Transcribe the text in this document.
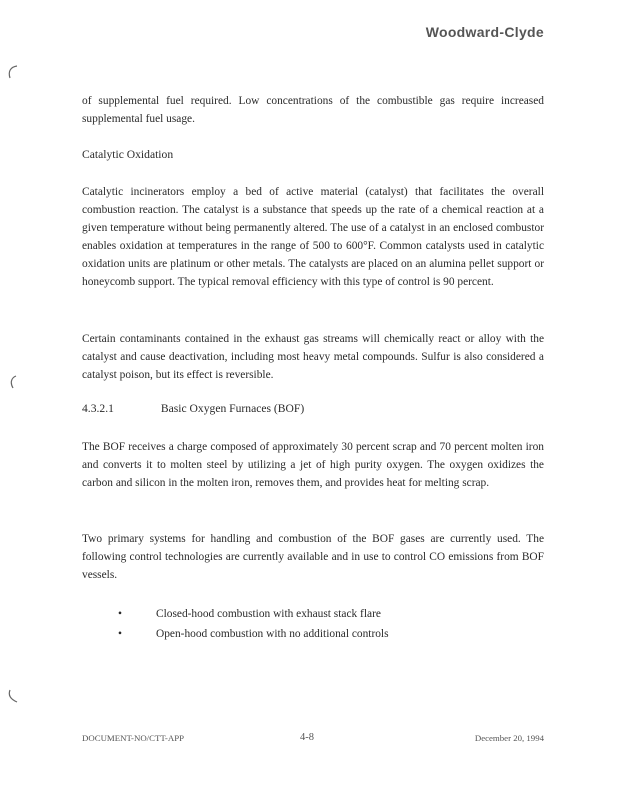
Woodward-Clyde

of supplemental fuel required. Low concentrations of the combustible gas require increased supplemental fuel usage.

Catalytic Oxidation

Catalytic incinerators employ a bed of active material (catalyst) that facilitates the overall combustion reaction. The catalyst is a substance that speeds up the rate of a chemical reaction at a given temperature without being permanently altered. The use of a catalyst in an enclosed combustor enables oxidation at temperatures in the range of 500 to 600°F. Common catalysts used in catalytic oxidation units are platinum or other metals. The catalysts are placed on an alumina pellet support or honeycomb support. The typical removal efficiency with this type of control is 90 percent.

Certain contaminants contained in the exhaust gas streams will chemically react or alloy with the catalyst and cause deactivation, including most heavy metal compounds. Sulfur is also considered a catalyst poison, but its effect is reversible.

4.3.2.1	Basic Oxygen Furnaces (BOF)

The BOF receives a charge composed of approximately 30 percent scrap and 70 percent molten iron and converts it to molten steel by utilizing a jet of high purity oxygen. The oxygen oxidizes the carbon and silicon in the molten iron, removes them, and provides heat for melting scrap.

Two primary systems for handling and combustion of the BOF gases are currently used. The following control technologies are currently available and in use to control CO emissions from BOF vessels.

•	Closed-hood combustion with exhaust stack flare
•	Open-hood combustion with no additional controls
DOCUMENT-NO/CTT-APP	4-8	December 20, 1994
